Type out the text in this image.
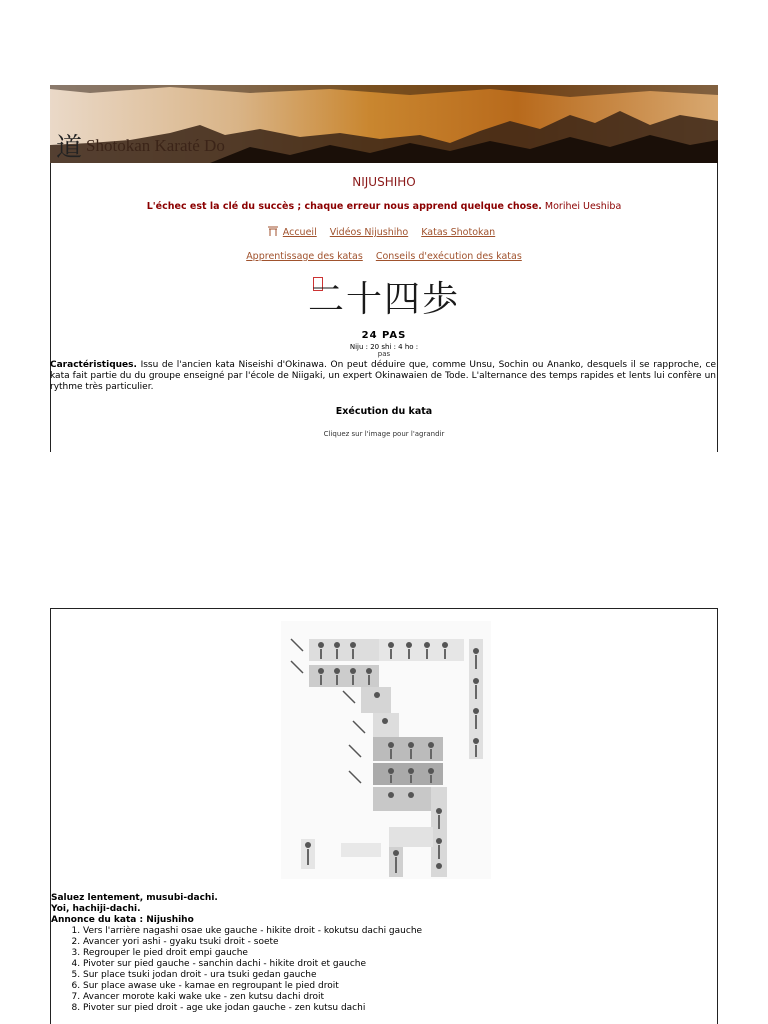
道 Shotokan Karaté Do
NIJUSHIHO
L'échec est la clé du succès ; chaque erreur nous apprend quelque chose. Morihei Ueshiba
Accueil Vidéos Nijushiho Katas Shotokan
Apprentissage des katas Conseils d'exécution des katas
二十四歩
24 PAS
Niju : 20 shi : 4 ho :
pas
Caractéristiques. Issu de l'ancien kata Niseishi d'Okinawa. On peut déduire que, comme Unsu, Sochin ou Ananko, desquels il se rapproche, ce kata fait partie du du groupe enseigné par l'école de Niigaki, un expert Okinawaien de Tode. L'alternance des temps rapides et lents lui confère un rythme très particulier.
Exécution du kata
Cliquez sur l'image pour l'agrandir
Saluez lentement, musubi-dachi.
Yoi, hachiji-dachi.
Annonce du kata : Nijushiho
1. Vers l'arrière nagashi osae uke gauche - hikite droit - kokutsu dachi gauche
2. Avancer yori ashi - gyaku tsuki droit - soete
3. Regrouper le pied droit empi gauche
4. Pivoter sur pied gauche - sanchin dachi - hikite droit et gauche
5. Sur place tsuki jodan droit - ura tsuki gedan gauche
6. Sur place awase uke - kamae en regroupant le pied droit
7. Avancer morote kaki wake uke - zen kutsu dachi droit
8. Pivoter sur pied droit - age uke jodan gauche - zen kutsu dachi
